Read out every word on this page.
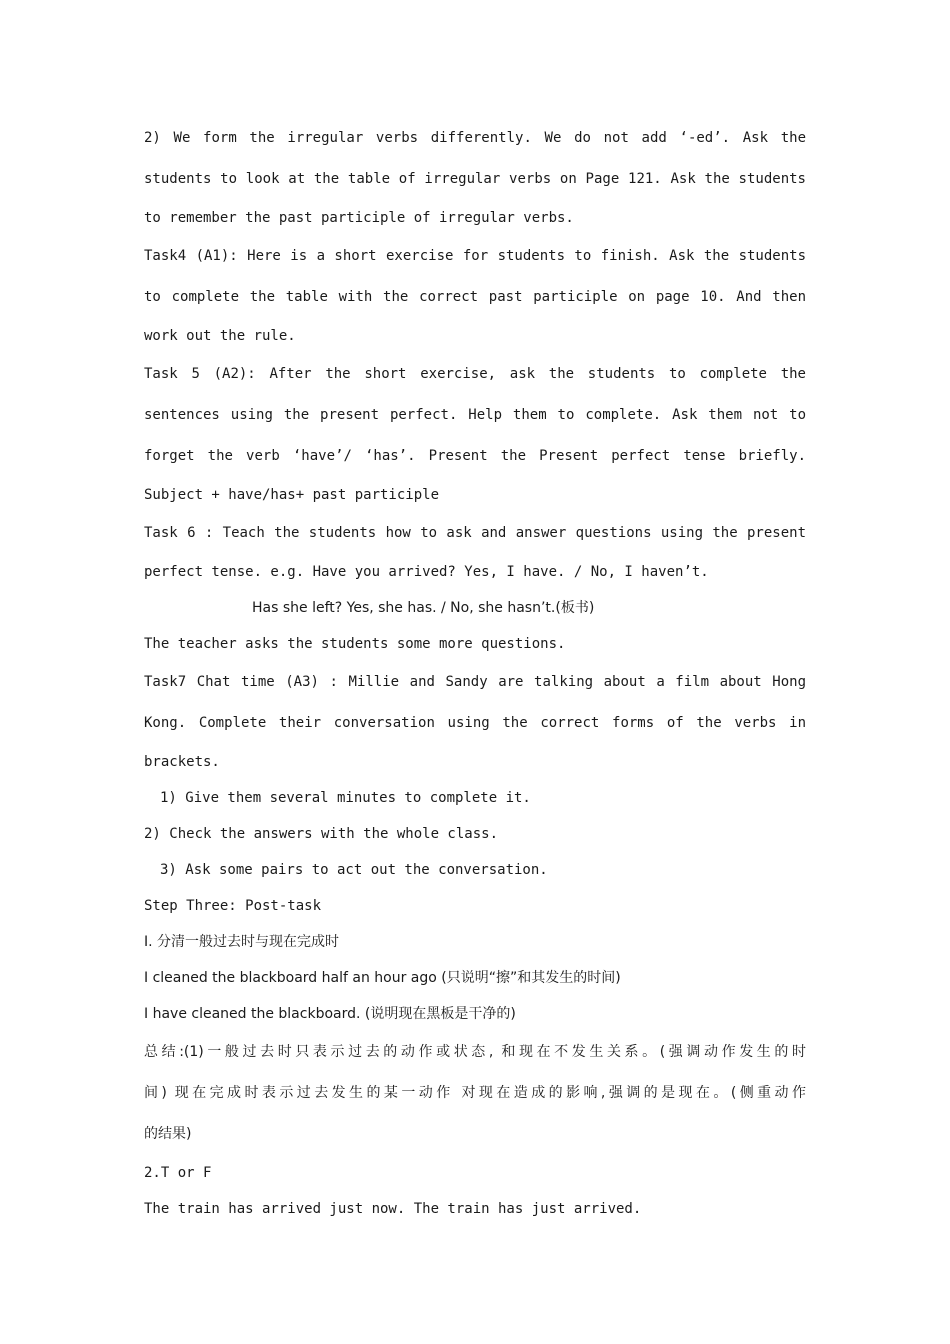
2) We form the irregular verbs differently. We do not add ‘-ed’. Ask the

students to look at the table of irregular verbs on Page 121. Ask the students

to remember the past participle of irregular verbs.

Task4 (A1): Here is a short exercise for students to finish. Ask the students

to complete the table with the correct past participle on page 10. And then

work out the rule.

Task 5 (A2): After the short exercise, ask the students to complete the

sentences using the present perfect. Help them to complete. Ask them not to

forget the verb ‘have’/ ‘has’. Present the Present perfect tense briefly.

Subject + have/has+ past participle

Task 6 : Teach the students how to ask and answer questions using the present

perfect tense. e.g. Have you arrived? Yes, I have. / No, I haven’t.

Has she left? Yes, she has. / No, she hasn’t.(板书)

The teacher asks the students some more questions.

Task7 Chat time (A3) : Millie and Sandy are talking about a film about Hong

Kong. Complete their conversation using the correct forms of the verbs in

brackets.

1) Give them several minutes to complete it.

2) Check the answers with the whole class.

3) Ask some pairs to act out the conversation.

Step Three: Post-task

I. 分清一般过去时与现在完成时

I cleaned the blackboard half an hour ago (只说明“擦”和其发生的时间)

I have cleaned the blackboard. (说明现在黑板是干净的)

总结:(1)一般过去时只表示过去的动作或状态, 和现在不发生关系。(强调动作发生的时

间) 现在完成时表示过去发生的某一动作 对现在造成的影响,强调的是现在。(侧重动作

的结果)

2.T or F

The train has arrived just now. The train has just arrived.
